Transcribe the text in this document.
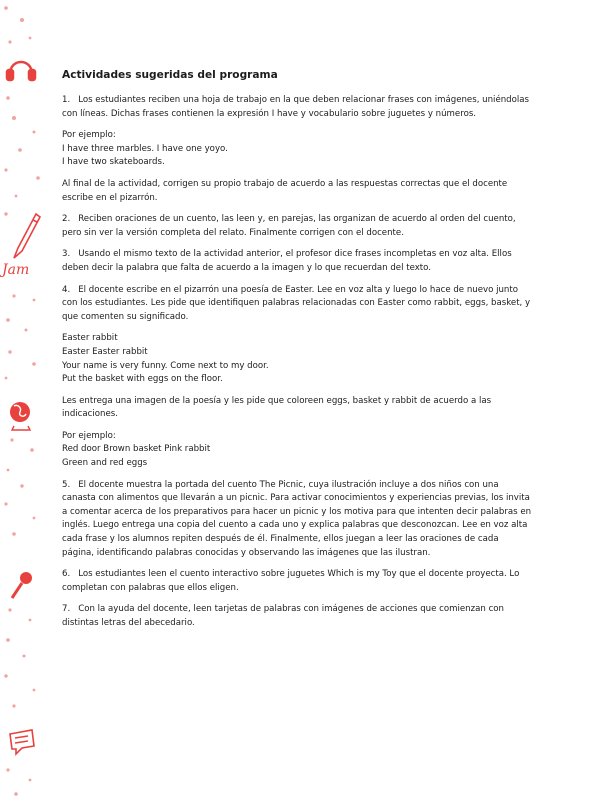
Jam
Actividades sugeridas del programa

1. Los estudiantes reciben una hoja de trabajo en la que deben relacionar frases con imágenes, uniéndolas con líneas. Dichas frases contienen la expresión I have y vocabulario sobre juguetes y números.

Por ejemplo:
I have three marbles. I have one yoyo.
I have two skateboards.

Al final de la actividad, corrigen su propio trabajo de acuerdo a las respuestas correctas que el docente escribe en el pizarrón.

2. Reciben oraciones de un cuento, las leen y, en parejas, las organizan de acuerdo al orden del cuento, pero sin ver la versión completa del relato. Finalmente corrigen con el docente.

3. Usando el mismo texto de la actividad anterior, el profesor dice frases incompletas en voz alta. Ellos deben decir la palabra que falta de acuerdo a la imagen y lo que recuerdan del texto.

4. El docente escribe en el pizarrón una poesía de Easter. Lee en voz alta y luego lo hace de nuevo junto con los estudiantes. Les pide que identifiquen palabras relacionadas con Easter como rabbit, eggs, basket, y que comenten su significado.

Easter rabbit
Easter Easter rabbit
Your name is very funny. Come next to my door.
Put the basket with eggs on the floor.

Les entrega una imagen de la poesía y les pide que coloreen eggs, basket y rabbit de acuerdo a las indicaciones.

Por ejemplo:
Red door Brown basket Pink rabbit
Green and red eggs

5. El docente muestra la portada del cuento The Picnic, cuya ilustración incluye a dos niños con una canasta con alimentos que llevarán a un picnic. Para activar conocimientos y experiencias previas, los invita a comentar acerca de los preparativos para hacer un picnic y los motiva para que intenten decir palabras en inglés. Luego entrega una copia del cuento a cada uno y explica palabras que desconozcan. Lee en voz alta cada frase y los alumnos repiten después de él. Finalmente, ellos juegan a leer las oraciones de cada página, identificando palabras conocidas y observando las imágenes que las ilustran.

6. Los estudiantes leen el cuento interactivo sobre juguetes Which is my Toy que el docente proyecta. Lo completan con palabras que ellos eligen.

7. Con la ayuda del docente, leen tarjetas de palabras con imágenes de acciones que comienzan con distintas letras del abecedario.
